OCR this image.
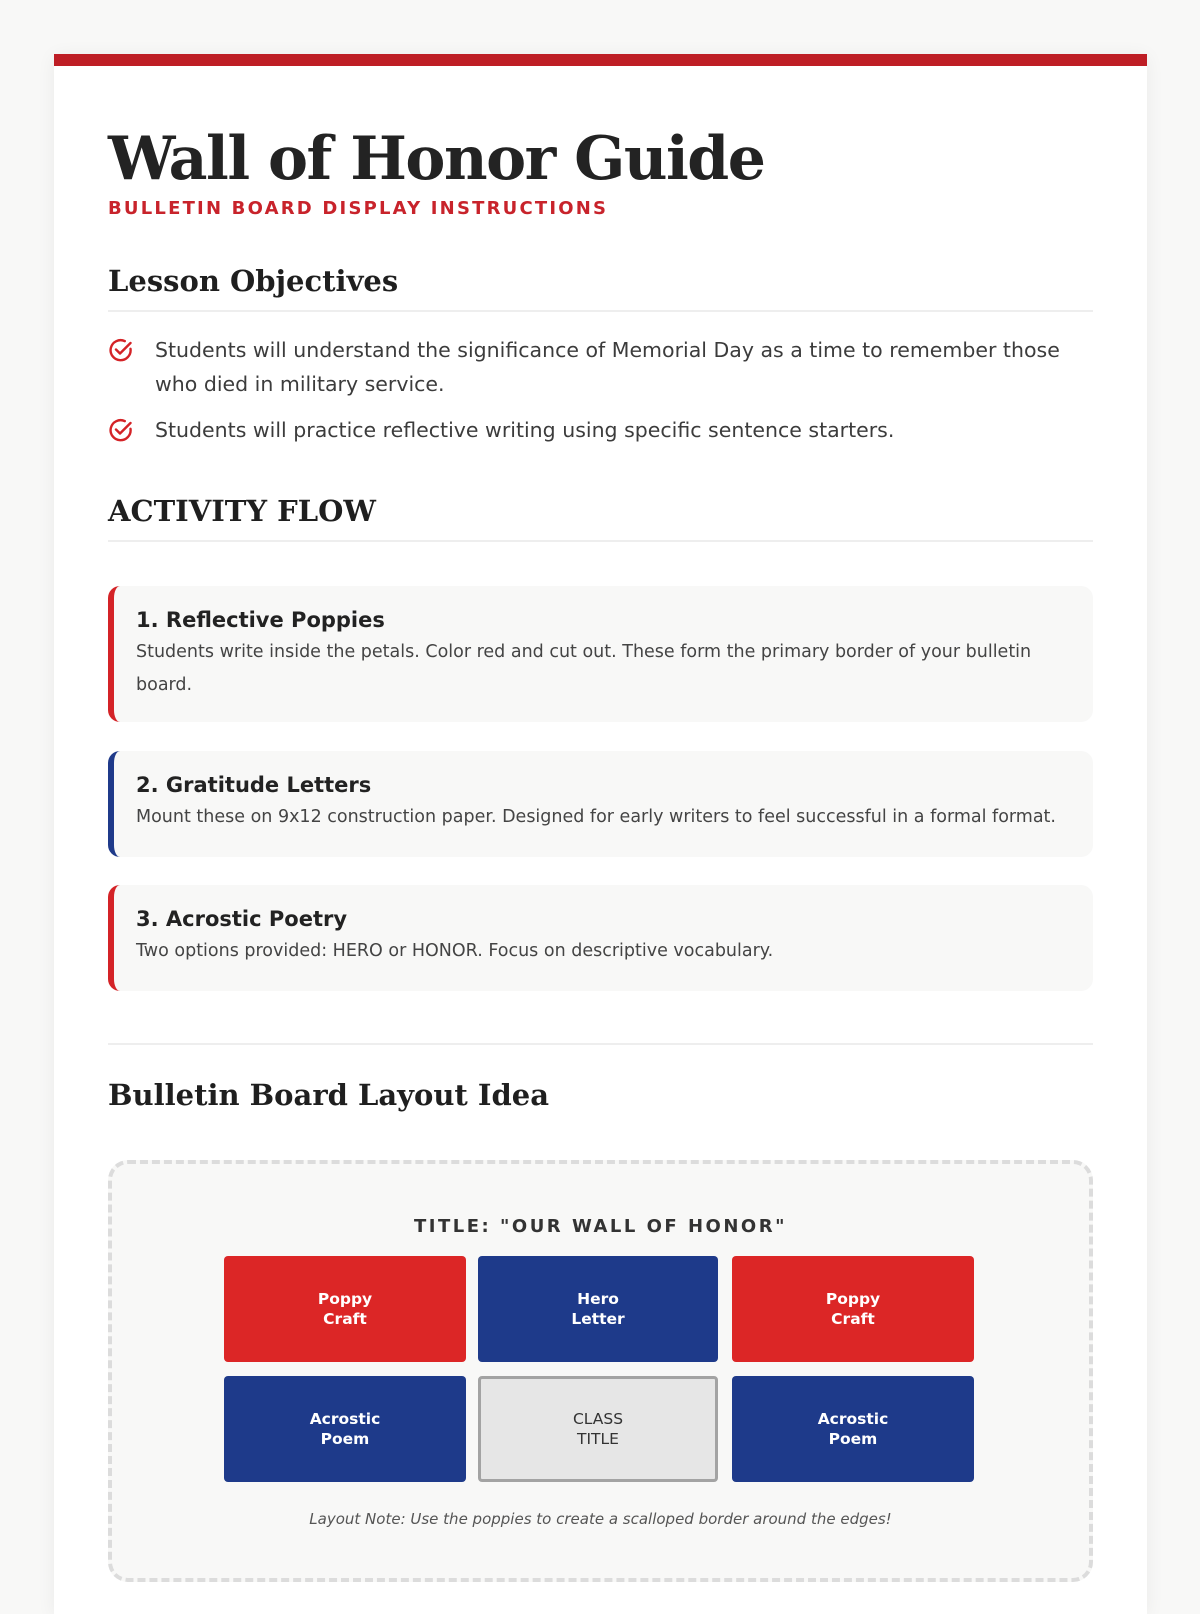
Wall of Honor Guide
BULLETIN BOARD DISPLAY INSTRUCTIONS
Lesson Objectives
Students will understand the significance of Memorial Day as a time to remember those who died in military service.
Students will practice reflective writing using specific sentence starters.
ACTIVITY FLOW
1. Reflective Poppies
Students write inside the petals. Color red and cut out. These form the primary border of your bulletin board.
2. Gratitude Letters
Mount these on 9x12 construction paper. Designed for early writers to feel successful in a formal format.
3. Acrostic Poetry
Two options provided: HERO or HONOR. Focus on descriptive vocabulary.
Bulletin Board Layout Idea
TITLE: "OUR WALL OF HONOR"
Poppy
Craft
Hero
Letter
Poppy
Craft
Acrostic
Poem
CLASS
TITLE
Acrostic
Poem
Layout Note: Use the poppies to create a scalloped border around the edges!
